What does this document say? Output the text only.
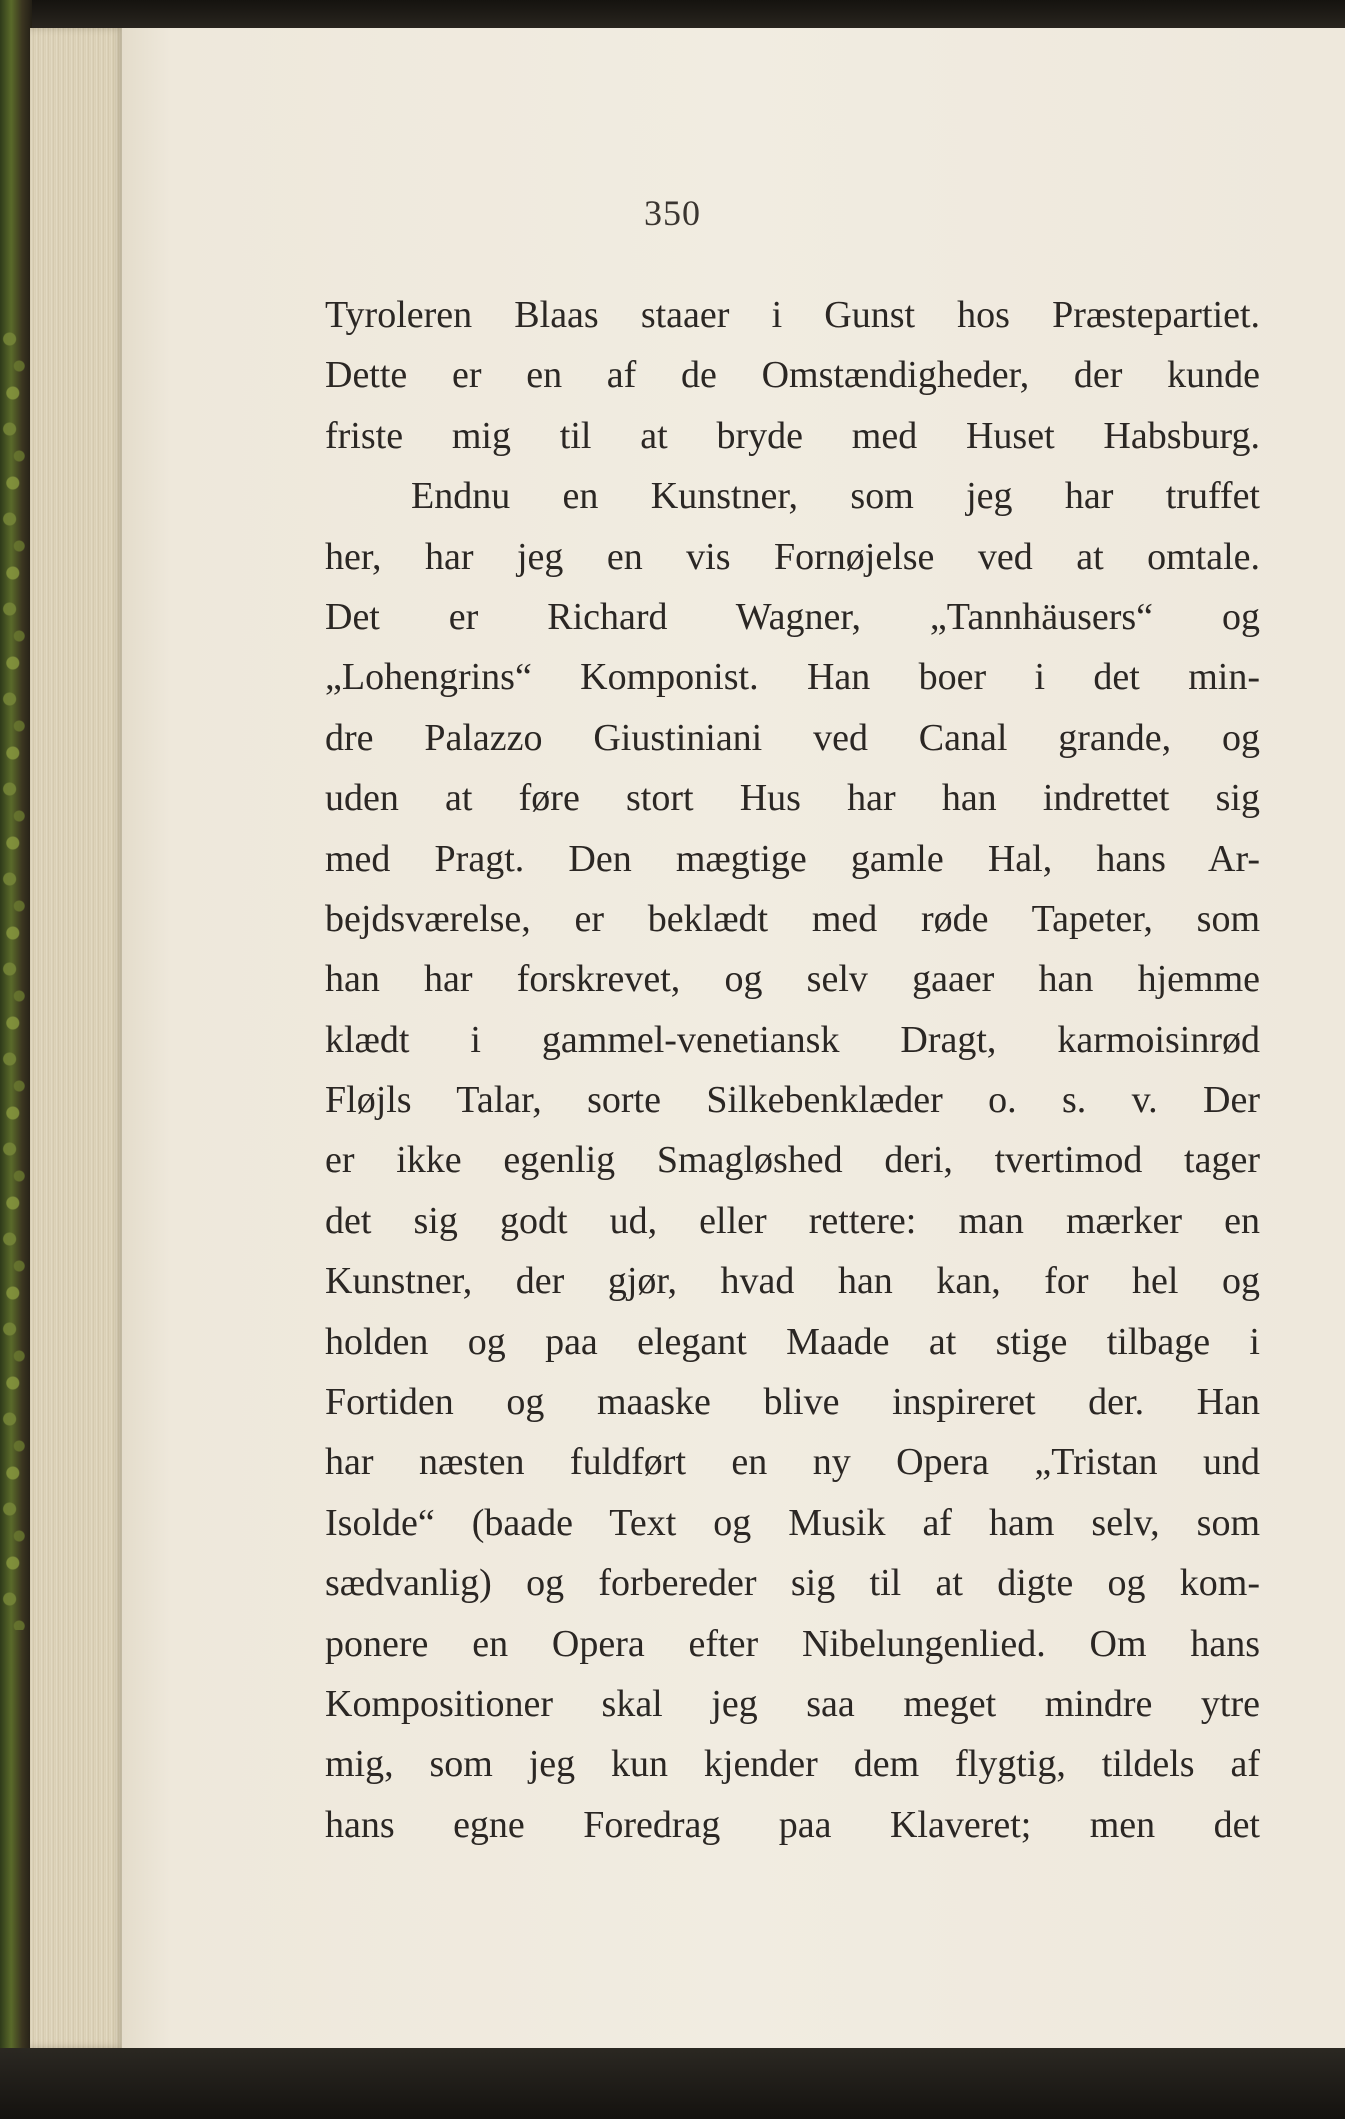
350
Tyroleren Blaas staaer i Gunst hos Præstepartiet.
Dette er en af de Omstændigheder, der kunde
friste mig til at bryde med Huset Habsburg.
Endnu en Kunstner, som jeg har truffet
her, har jeg en vis Fornøjelse ved at omtale.
Det er Richard Wagner, „Tannhäusers“ og
„Lohengrins“ Komponist. Han boer i det min-
dre Palazzo Giustiniani ved Canal grande, og
uden at føre stort Hus har han indrettet sig
med Pragt. Den mægtige gamle Hal, hans Ar-
bejdsværelse, er beklædt med røde Tapeter, som
han har forskrevet, og selv gaaer han hjemme
klædt i gammel-venetiansk Dragt, karmoisinrød
Fløjls Talar, sorte Silkebenklæder o. s. v. Der
er ikke egenlig Smagløshed deri, tvertimod tager
det sig godt ud, eller rettere: man mærker en
Kunstner, der gjør, hvad han kan, for hel og
holden og paa elegant Maade at stige tilbage i
Fortiden og maaske blive inspireret der. Han
har næsten fuldført en ny Opera „Tristan und
Isolde“ (baade Text og Musik af ham selv, som
sædvanlig) og forbereder sig til at digte og kom-
ponere en Opera efter Nibelungenlied. Om hans
Kompositioner skal jeg saa meget mindre ytre
mig, som jeg kun kjender dem flygtig, tildels af
hans egne Foredrag paa Klaveret; men det
